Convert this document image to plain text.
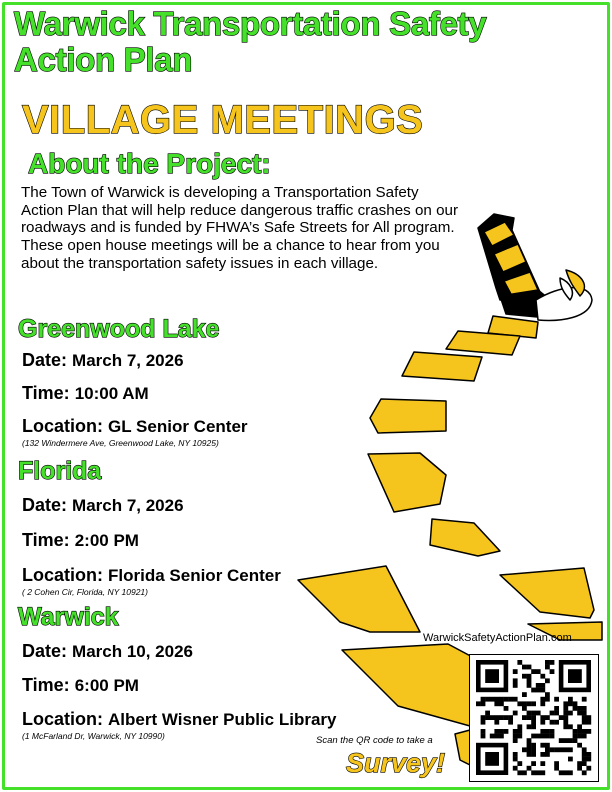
Warwick Transportation Safety
Action Plan
VILLAGE MEETINGS
About the Project:
The Town of Warwick is developing a Transportation Safety Action Plan that will help reduce dangerous traffic crashes on our roadways and is funded by FHWA’s Safe Streets for All program. These open house meetings will be a chance to hear from you about the transportation safety issues in each village.
Greenwood Lake
Date: March 7, 2026
Time: 10:00 AM
Location: GL Senior Center
(132 Windermere Ave, Greenwood Lake, NY 10925)
Florida
Date: March 7, 2026
Time: 2:00 PM
Location: Florida Senior Center
( 2 Cohen Cir, Florida, NY 10921)
Warwick
Date: March 10, 2026
Time: 6:00 PM
Location: Albert Wisner Public Library
(1 McFarland Dr, Warwick, NY 10990)
WarwickSafetyActionPlan.com
Scan the QR code to take a
Survey!
